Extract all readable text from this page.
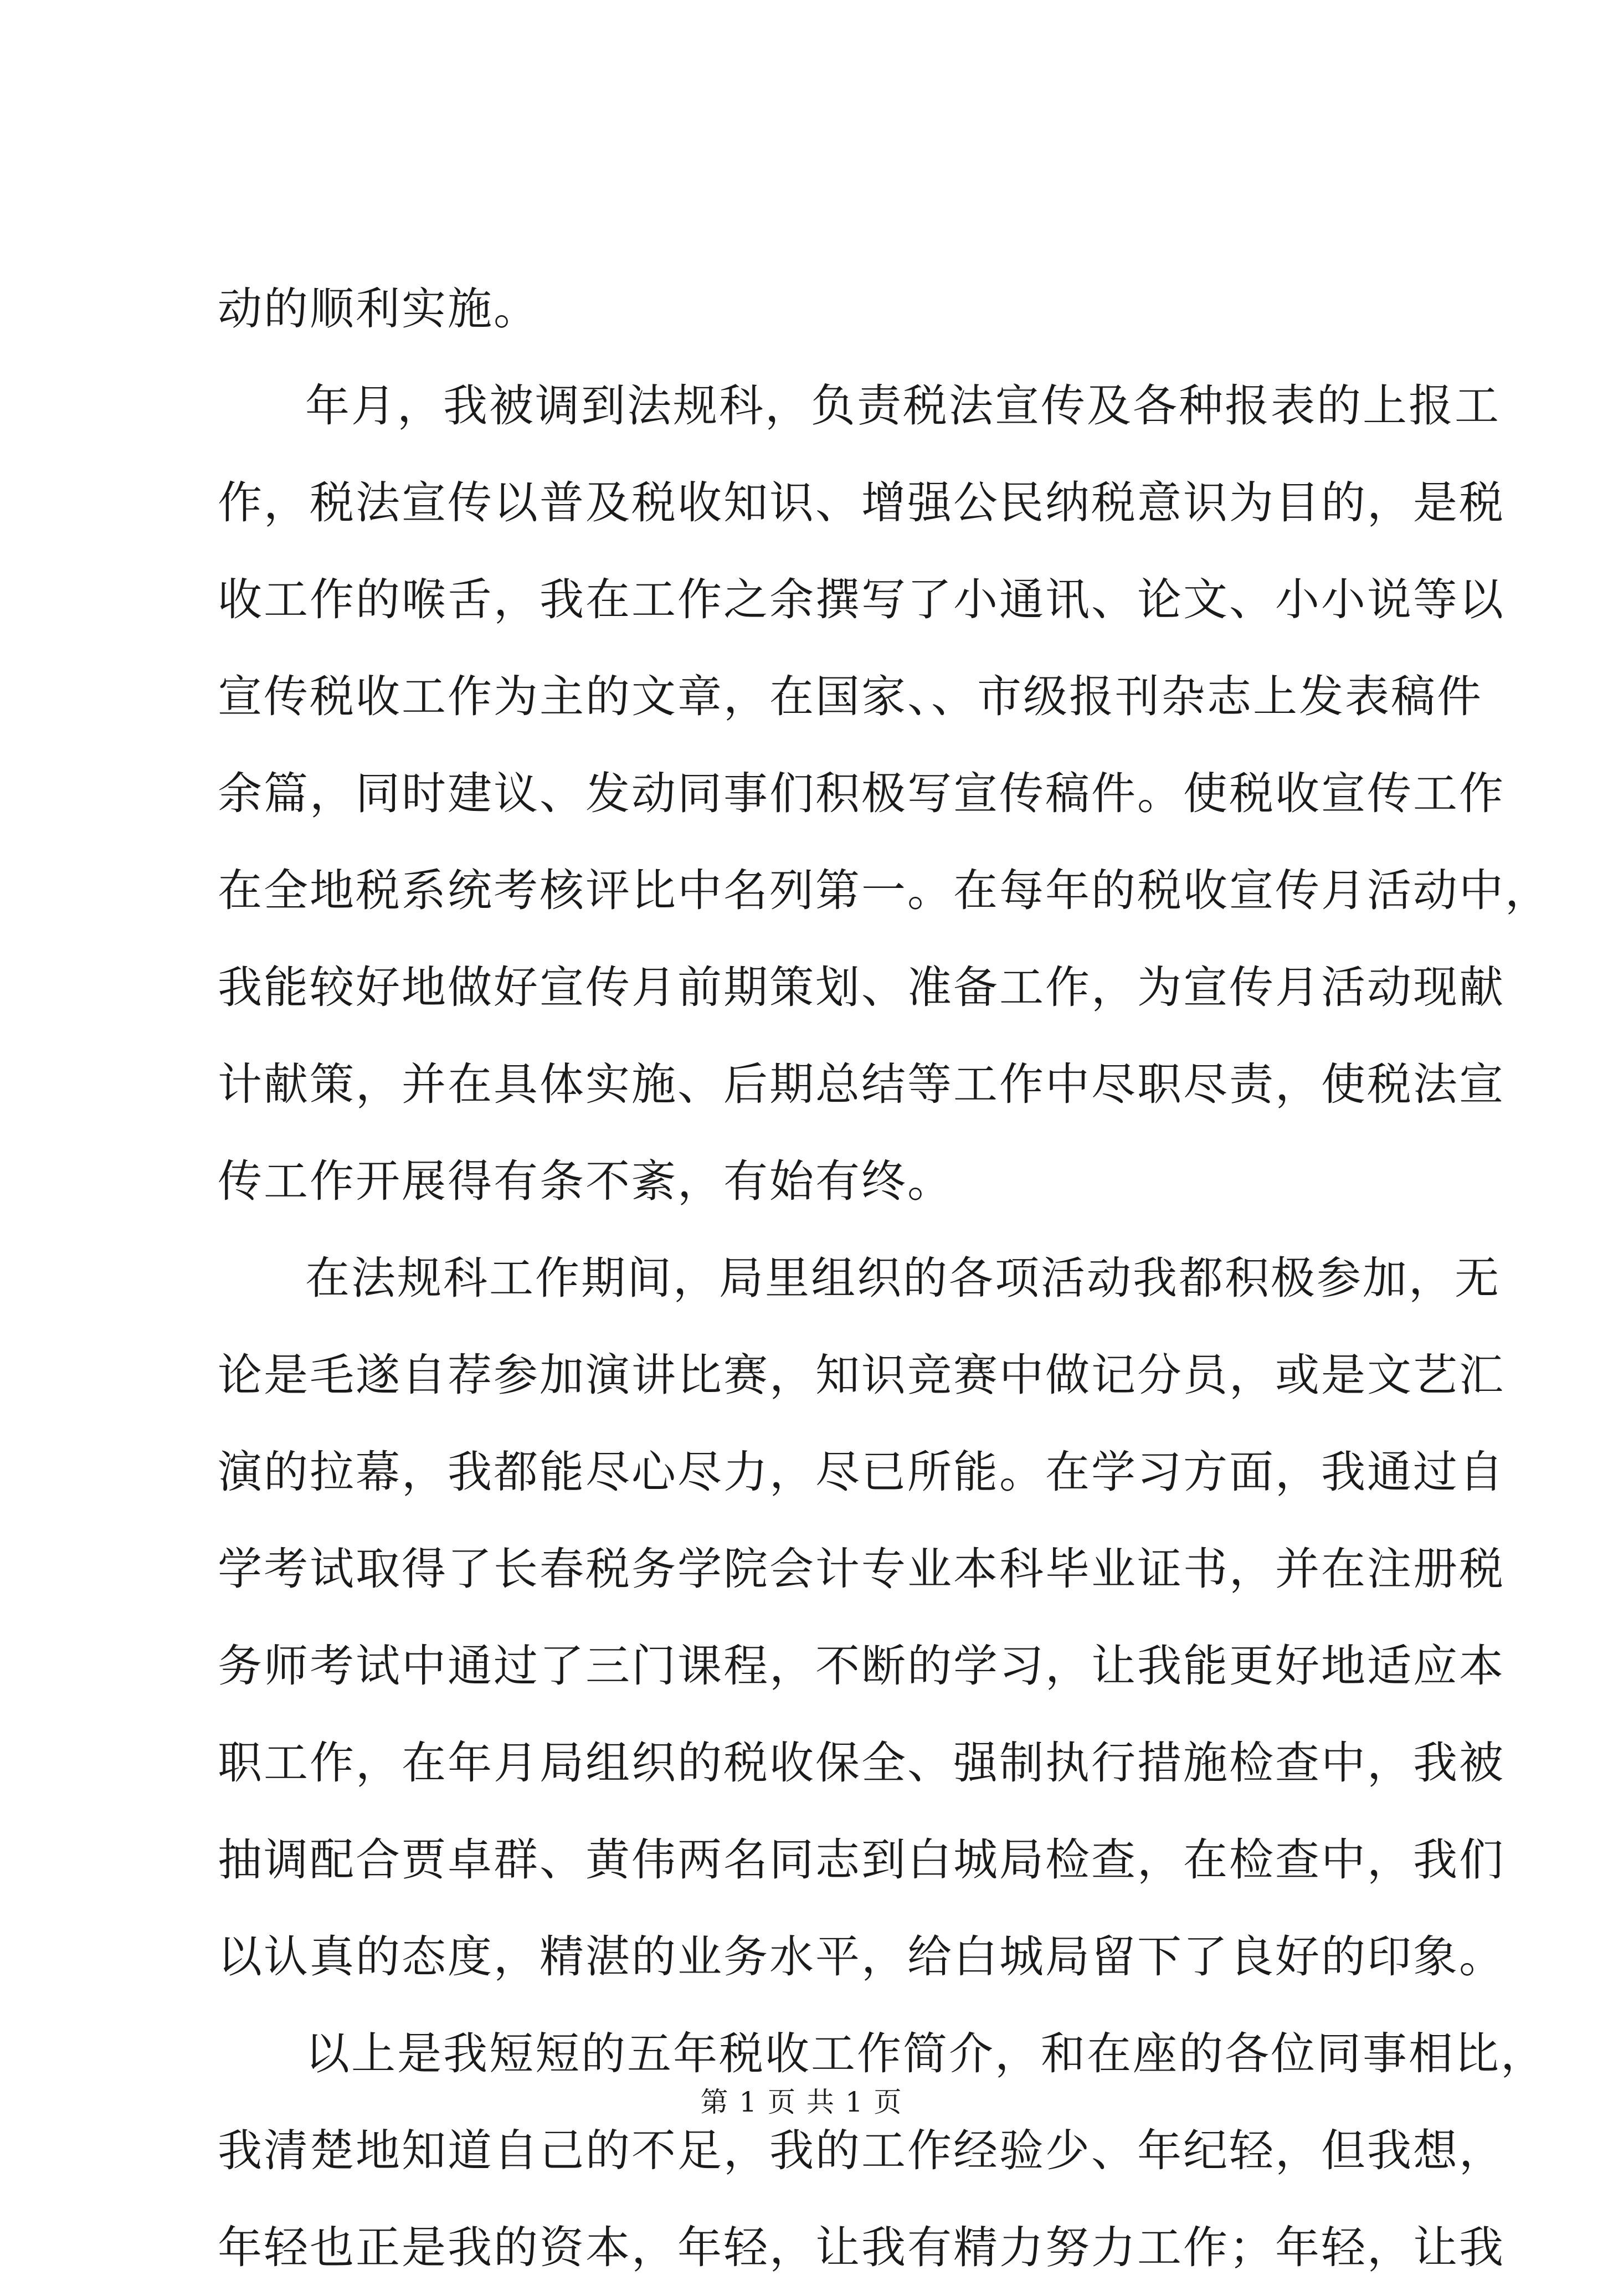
动的顺利实施。
年月，我被调到法规科，负责税法宣传及各种报表的上报工
作，税法宣传以普及税收知识、增强公民纳税意识为目的，是税
收工作的喉舌，我在工作之余撰写了小通讯、论文、小小说等以
宣传税收工作为主的文章，在国家、、市级报刊杂志上发表稿件
余篇，同时建议、发动同事们积极写宣传稿件。使税收宣传工作
在全地税系统考核评比中名列第一。在每年的税收宣传月活动中，
我能较好地做好宣传月前期策划、准备工作，为宣传月活动现献
计献策，并在具体实施、后期总结等工作中尽职尽责，使税法宣
传工作开展得有条不紊，有始有终。
在法规科工作期间，局里组织的各项活动我都积极参加，无
论是毛遂自荐参加演讲比赛，知识竞赛中做记分员，或是文艺汇
演的拉幕，我都能尽心尽力，尽已所能。在学习方面，我通过自
学考试取得了长春税务学院会计专业本科毕业证书，并在注册税
务师考试中通过了三门课程，不断的学习，让我能更好地适应本
职工作，在年月局组织的税收保全、强制执行措施检查中，我被
抽调配合贾卓群、黄伟两名同志到白城局检查，在检查中，我们
以认真的态度，精湛的业务水平，给白城局留下了良好的印象。
以上是我短短的五年税收工作简介，和在座的各位同事相比，
我清楚地知道自己的不足，我的工作经验少、年纪轻，但我想，
年轻也正是我的资本，年轻，让我有精力努力工作；年轻，让我
第 1 页 共 1 页
